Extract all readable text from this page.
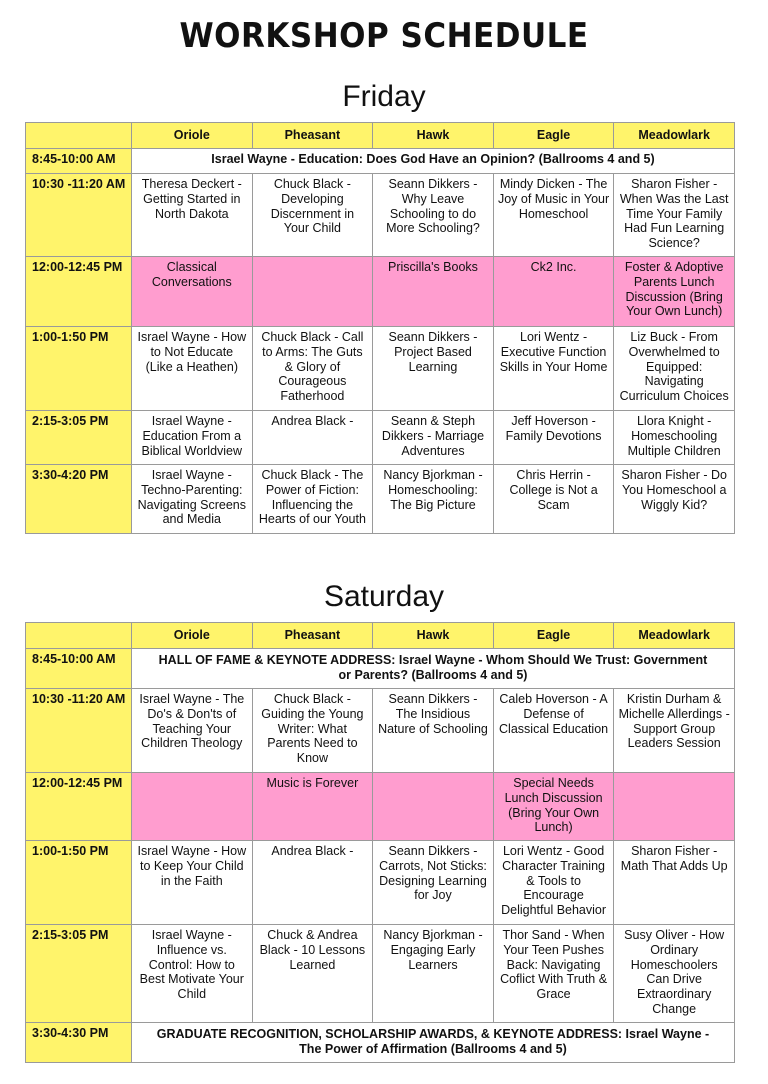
WORKSHOP SCHEDULE
Friday
	Oriole	Pheasant	Hawk	Eagle	Meadowlark
8:45-10:00 AM	Israel Wayne - Education: Does God Have an Opinion? (Ballrooms 4 and 5)				
10:30 -11:20 AM	Theresa Deckert - Getting Started in North Dakota	Chuck Black - Developing Discernment in Your Child	Seann Dikkers - Why Leave Schooling to do More Schooling?	Mindy Dicken - The Joy of Music in Your Homeschool	Sharon Fisher - When Was the Last Time Your Family Had Fun Learning Science?
12:00-12:45 PM	Classical Conversations		Priscilla's Books	Ck2 Inc.	Foster & Adoptive Parents Lunch Discussion (Bring Your Own Lunch)
1:00-1:50 PM	Israel Wayne - How to Not Educate (Like a Heathen)	Chuck Black - Call to Arms: The Guts & Glory of Courageous Fatherhood	Seann Dikkers - Project Based Learning	Lori Wentz - Executive Function Skills in Your Home	Liz Buck - From Overwhelmed to Equipped: Navigating Curriculum Choices
2:15-3:05 PM	Israel Wayne - Education From a Biblical Worldview	Andrea Black -	Seann & Steph Dikkers - Marriage Adventures	Jeff Hoverson - Family Devotions	Llora Knight - Homeschooling Multiple Children
3:30-4:20 PM	Israel Wayne - Techno-Parenting: Navigating Screens and Media	Chuck Black - The Power of Fiction: Influencing the Hearts of our Youth	Nancy Bjorkman - Homeschooling: The Big Picture	Chris Herrin - College is Not a Scam	Sharon Fisher - Do You Homeschool a Wiggly Kid?
Saturday
	Oriole	Pheasant	Hawk	Eagle	Meadowlark
8:45-10:00 AM	HALL OF FAME & KEYNOTE ADDRESS: Israel Wayne - Whom Should We Trust: Government or Parents? (Ballrooms 4 and 5)				
10:30 -11:20 AM	Israel Wayne - The Do's & Don'ts of Teaching Your Children Theology	Chuck Black - Guiding the Young Writer: What Parents Need to Know	Seann Dikkers - The Insidious Nature of Schooling	Caleb Hoverson - A Defense of Classical Education	Kristin Durham & Michelle Allerdings - Support Group Leaders Session
12:00-12:45 PM		Music is Forever		Special Needs Lunch Discussion (Bring Your Own Lunch)	
1:00-1:50 PM	Israel Wayne - How to Keep Your Child in the Faith	Andrea Black -	Seann Dikkers - Carrots, Not Sticks: Designing Learning for Joy	Lori Wentz - Good Character Training & Tools to Encourage Delightful Behavior	Sharon Fisher - Math That Adds Up
2:15-3:05 PM	Israel Wayne - Influence vs. Control: How to Best Motivate Your Child	Chuck & Andrea Black - 10 Lessons Learned	Nancy Bjorkman - Engaging Early Learners	Thor Sand - When Your Teen Pushes Back: Navigating Coflict With Truth & Grace	Susy Oliver - How Ordinary Homeschoolers Can Drive Extraordinary Change
3:30-4:30 PM	GRADUATE RECOGNITION, SCHOLARSHIP AWARDS, & KEYNOTE ADDRESS: Israel Wayne - The Power of Affirmation (Ballrooms 4 and 5)				
